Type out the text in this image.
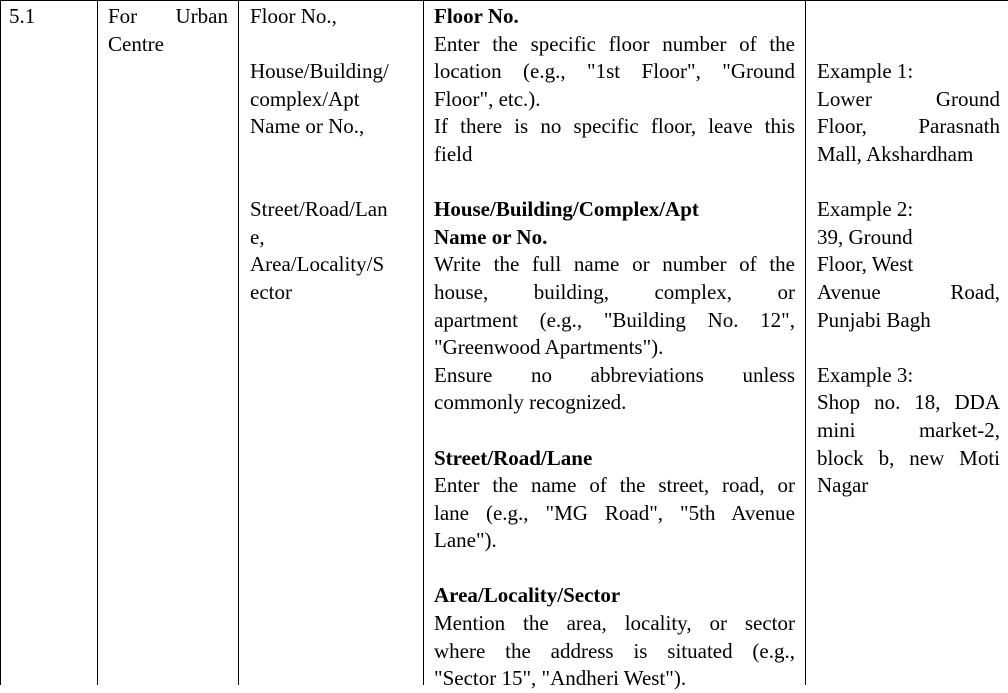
5.1	For Urban
Centre
Floor No.,

House/Building/
complex/Apt
Name or No.,

Street/Road/Lan
e,
Area/Locality/S
ector
Floor No.
Enter the specific floor number of the
location (e.g., "1st Floor", "Ground
Floor", etc.).
If there is no specific floor, leave this
field

House/Building/Complex/Apt
Name or No.
Write the full name or number of the
house, building, complex, or
apartment (e.g., "Building No. 12",
"Greenwood Apartments").
Ensure no abbreviations unless
commonly recognized.

Street/Road/Lane
Enter the name of the street, road, or
lane (e.g., "MG Road", "5th Avenue
Lane").

Area/Locality/Sector
Mention the area, locality, or sector
where the address is situated (e.g.,
"Sector 15", "Andheri West").

Example 1:
Lower Ground
Floor, Parasnath
Mall, Akshardham

Example 2:
39, Ground
Floor, West
Avenue Road,
Punjabi Bagh

Example 3:
Shop no. 18, DDA
mini market-2,
block b, new Moti
Nagar
